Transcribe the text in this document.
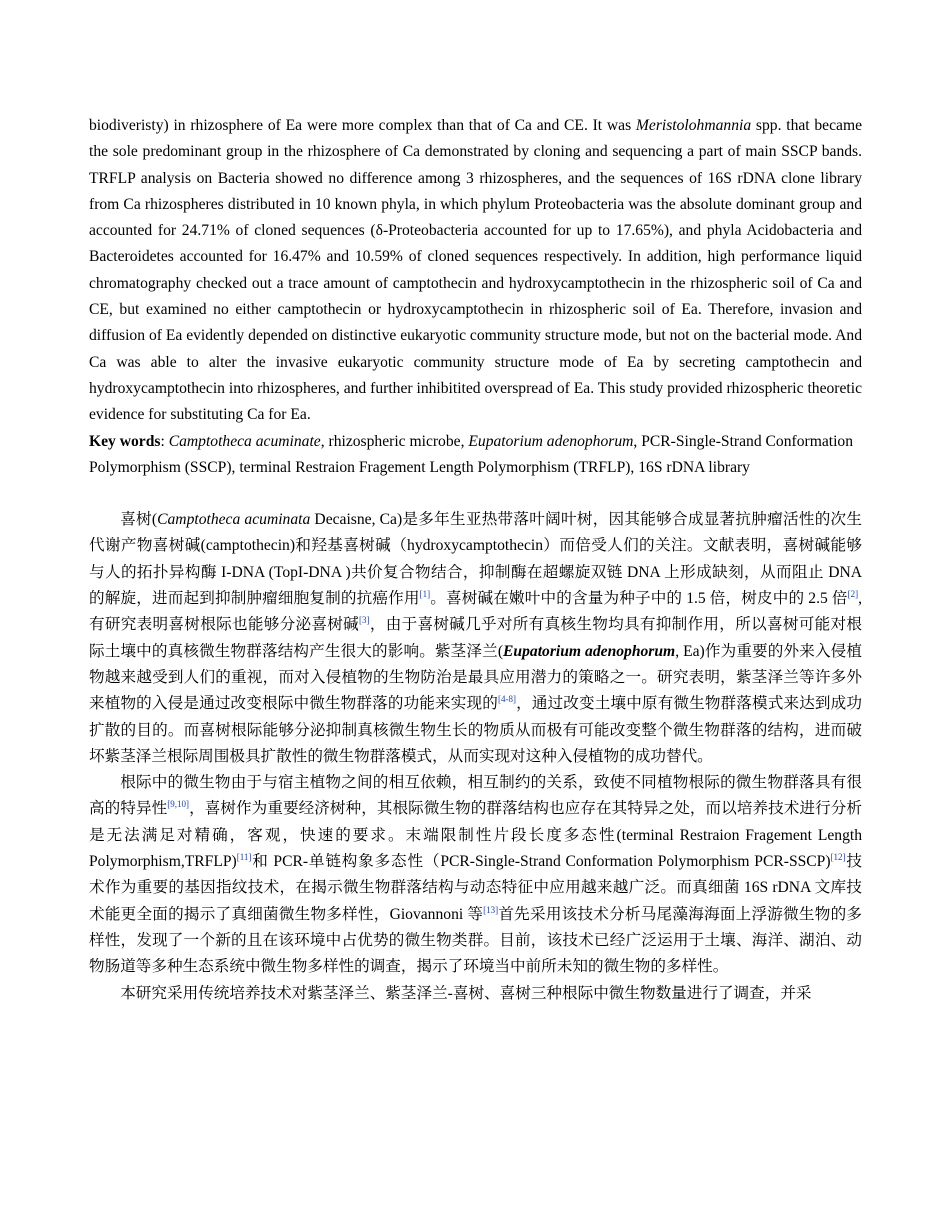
biodiveristy) in rhizosphere of Ea were more complex than that of Ca and CE. It was Meristolohmannia spp. that became the sole predominant group in the rhizosphere of Ca demonstrated by cloning and sequencing a part of main SSCP bands. TRFLP analysis on Bacteria showed no difference among 3 rhizospheres, and the sequences of 16S rDNA clone library from Ca rhizospheres distributed in 10 known phyla, in which phylum Proteobacteria was the absolute dominant group and accounted for 24.71% of cloned sequences (δ-Proteobacteria accounted for up to 17.65%), and phyla Acidobacteria and Bacteroidetes accounted for 16.47% and 10.59% of cloned sequences respectively. In addition, high performance liquid chromatography checked out a trace amount of camptothecin and hydroxycamptothecin in the rhizospheric soil of Ca and CE, but examined no either camptothecin or hydroxycamptothecin in rhizospheric soil of Ea. Therefore, invasion and diffusion of Ea evidently depended on distinctive eukaryotic community structure mode, but not on the bacterial mode. And Ca was able to alter the invasive eukaryotic community structure mode of Ea by secreting camptothecin and hydroxycamptothecin into rhizospheres, and further inhibitited overspread of Ea. This study provided rhizospheric theoretic evidence for substituting Ca for Ea.

Key words: Camptotheca acuminate, rhizospheric microbe, Eupatorium adenophorum, PCR-Single-Strand Conformation Polymorphism (SSCP), terminal Restraion Fragement Length Polymorphism (TRFLP), 16S rDNA library

喜树(Camptotheca acuminata Decaisne, Ca)是多年生亚热带落叶阔叶树，因其能够合成显著抗肿瘤活性的次生代谢产物喜树碱(camptothecin)和羟基喜树碱（hydroxycamptothecin）而倍受人们的关注。文献表明，喜树碱能够与人的拓扑异构酶 I-DNA (TopI-DNA )共价复合物结合，抑制酶在超螺旋双链 DNA 上形成缺刻，从而阻止 DNA 的解旋，进而起到抑制肿瘤细胞复制的抗癌作用[1]。喜树碱在嫩叶中的含量为种子中的 1.5 倍，树皮中的 2.5 倍[2], 有研究表明喜树根际也能够分泌喜树碱[3]，由于喜树碱几乎对所有真核生物均具有抑制作用，所以喜树可能对根际土壤中的真核微生物群落结构产生很大的影响。紫茎泽兰(Eupatorium adenophorum, Ea)作为重要的外来入侵植物越来越受到人们的重视，而对入侵植物的生物防治是最具应用潜力的策略之一。研究表明，紫茎泽兰等许多外来植物的入侵是通过改变根际中微生物群落的功能来实现的[4-8]，通过改变土壤中原有微生物群落模式来达到成功扩散的目的。而喜树根际能够分泌抑制真核微生物生长的物质从而极有可能改变整个微生物群落的结构，进而破坏紫茎泽兰根际周围极具扩散性的微生物群落模式，从而实现对这种入侵植物的成功替代。

根际中的微生物由于与宿主植物之间的相互依赖，相互制约的关系，致使不同植物根际的微生物群落具有很高的特异性[9,10]，喜树作为重要经济树种，其根际微生物的群落结构也应存在其特异之处，而以培养技术进行分析是无法满足对精确，客观，快速的要求。末端限制性片段长度多态性(terminal Restraion Fragement Length Polymorphism,TRFLP)[11]和 PCR-单链构象多态性（PCR-Single-Strand Conformation Polymorphism PCR-SSCP)[12]技术作为重要的基因指纹技术，在揭示微生物群落结构与动态特征中应用越来越广泛。而真细菌 16S rDNA 文库技术能更全面的揭示了真细菌微生物多样性，Giovannoni 等[13]首先采用该技术分析马尾藻海海面上浮游微生物的多样性，发现了一个新的且在该环境中占优势的微生物类群。目前，该技术已经广泛运用于土壤、海洋、湖泊、动物肠道等多种生态系统中微生物多样性的调查，揭示了环境当中前所未知的微生物的多样性。

本研究采用传统培养技术对紫茎泽兰、紫茎泽兰-喜树、喜树三种根际中微生物数量进行了调查，并采
